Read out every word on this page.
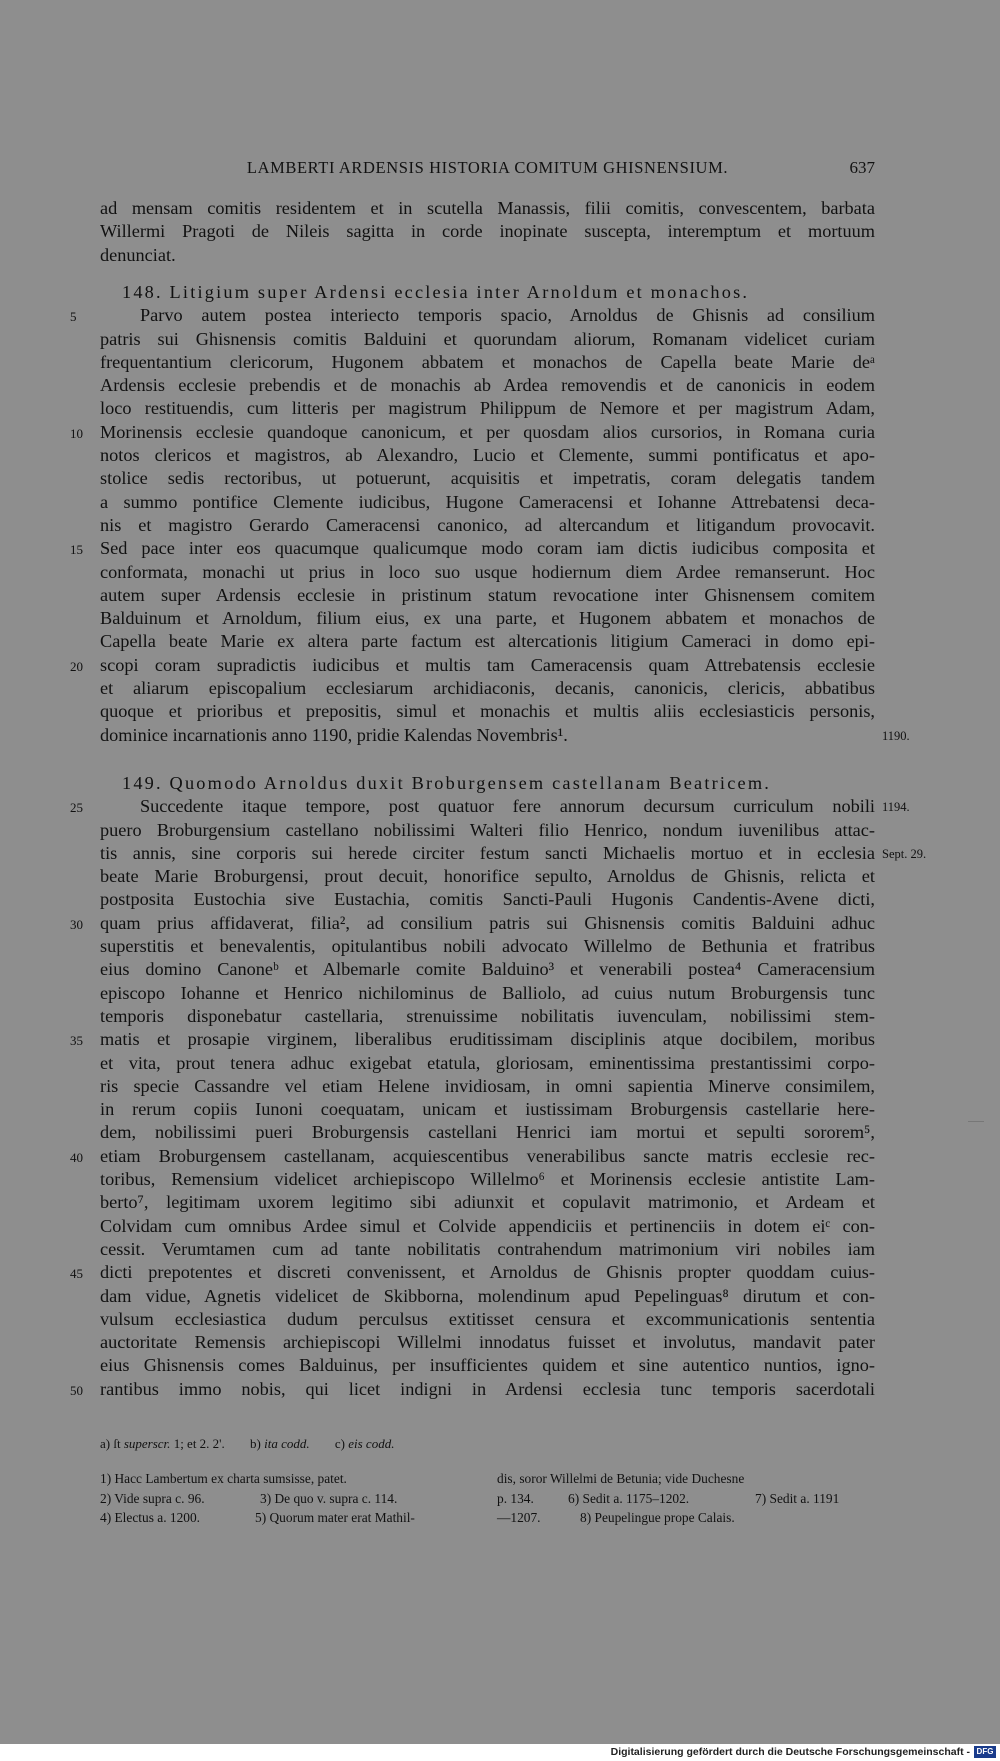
LAMBERTI ARDENSIS HISTORIA COMITUM GHISNENSIUM.	637
ad mensam comitis residentem et in scutella Manassis, filii comitis, convescentem, barbata
Willermi Pragoti de Nileis sagitta in corde inopinate suscepta, interemptum et mortuum
denunciat.
148. Litigium super Ardensi ecclesia inter Arnoldum et monachos.
5	Parvo autem postea interiecto temporis spacio, Arnoldus de Ghisnis ad consilium
patris sui Ghisnensis comitis Balduini et quorundam aliorum, Romanam videlicet curiam
frequentantium clericorum, Hugonem abbatem et monachos de Capella beate Marie deᵃ
Ardensis ecclesie prebendis et de monachis ab Ardea removendis et de canonicis in eodem
loco restituendis, cum litteris per magistrum Philippum de Nemore et per magistrum Adam,
10 Morinensis ecclesie quandoque canonicum, et per quosdam alios cursorios, in Romana curia
notos clericos et magistros, ab Alexandro, Lucio et Clemente, summi pontificatus et apo-
stolice sedis rectoribus, ut potuerunt, acquisitis et impetratis, coram delegatis tandem
a summo pontifice Clemente iudicibus, Hugone Cameracensi et Iohanne Attrebatensi deca-
nis et magistro Gerardo Cameracensi canonico, ad altercandum et litigandum provocavit.
15 Sed pace inter eos quacumque qualicumque modo coram iam dictis iudicibus composita et
conformata, monachi ut prius in loco suo usque hodiernum diem Ardee remanserunt. Hoc
autem super Ardensis ecclesie in pristinum statum revocatione inter Ghisnensem comitem
Balduinum et Arnoldum, filium eius, ex una parte, et Hugonem abbatem et monachos de
Capella beate Marie ex altera parte factum est altercationis litigium Cameraci in domo epi-
20 scopi coram supradictis iudicibus et multis tam Cameracensis quam Attrebatensis ecclesie
et aliarum episcopalium ecclesiarum archidiaconis, decanis, canonicis, clericis, abbatibus
quoque et prioribus et prepositis, simul et monachis et multis aliis ecclesiasticis personis,
dominice incarnationis anno 1190, pridie Kalendas Novembris¹.	1190.
149. Quomodo Arnoldus duxit Broburgensem castellanam Beatricem.
25	Succedente itaque tempore, post quatuor fere annorum decursum curriculum nobili 1194.
puero Broburgensium castellano nobilissimi Walteri filio Henrico, nondum iuvenilibus attac-
tis annis, sine corporis sui herede circiter festum sancti Michaelis mortuo et in ecclesia Sept. 29.
beate Marie Broburgensi, prout decuit, honorifice sepulto, Arnoldus de Ghisnis, relicta et
postposita Eustochia sive Eustachia, comitis Sancti-Pauli Hugonis Candentis-Avene dicti,
30 quam prius affidaverat, filia², ad consilium patris sui Ghisnensis comitis Balduini adhuc
superstitis et benevalentis, opitulantibus nobili advocato Willelmo de Bethunia et fratribus
eius domino Canoneᵇ et Albemarle comite Balduino³ et venerabili postea⁴ Cameracensium
episcopo Iohanne et Henrico nichilominus de Balliolo, ad cuius nutum Broburgensis tunc
temporis disponebatur castellaria, strenuissime nobilitatis iuvenculam, nobilissimi stem-
35 matis et prosapie virginem, liberalibus eruditissimam disciplinis atque docibilem, moribus
et vita, prout tenera adhuc exigebat etatula, gloriosam, eminentissima prestantissimi corpo-
ris specie Cassandre vel etiam Helene invidiosam, in omni sapientia Minerve consimilem,
in rerum copiis Iunoni coequatam, unicam et iustissimam Broburgensis castellarie here-
dem, nobilissimi pueri Broburgensis castellani Henrici iam mortui et sepulti sororem⁵,
40 etiam Broburgensem castellanam, acquiescentibus venerabilibus sancte matris ecclesie rec-
toribus, Remensium videlicet archiepiscopo Willelmo⁶ et Morinensis ecclesie antistite Lam-
berto⁷, legitimam uxorem legitimo sibi adiunxit et copulavit matrimonio, et Ardeam et
Colvidam cum omnibus Ardee simul et Colvide appendiciis et pertinenciis in dotem eiᶜ con-
cessit. Verumtamen cum ad tante nobilitatis contrahendum matrimonium viri nobiles iam
45 dicti prepotentes et discreti convenissent, et Arnoldus de Ghisnis propter quoddam cuius-
dam vidue, Agnetis videlicet de Skibborna, molendinum apud Pepelinguas⁸ dirutum et con-
vulsum ecclesiastica dudum perculsus extitisset censura et excommunicationis sententia
auctoritate Remensis archiepiscopi Willelmi innodatus fuisset et involutus, mandavit pater
eius Ghisnensis comes Balduinus, per insufficientes quidem et sine autentico nuntios, igno-
50 rantibus immo nobis, qui licet indigni in Ardensi ecclesia tunc temporis sacerdotali
a) ſt superscr. 1; et 2. 2'. b) ita codd. c) eis codd.
1) Hacc Lambertum ex charta sumsisse, patet.	dis, soror Willelmi de Betunia; vide Duchesne
2) Vide supra c. 96.	3) De quo v. supra c. 114.	p. 134.	6) Sedit a. 1175–1202.	7) Sedit a. 1191
4) Electus a. 1200.	5) Quorum mater erat Mathil-	—1207.	8) Peupelingue prope Calais.
Digitalisierung gefördert durch die Deutsche Forschungsgemeinschaft - DFG
